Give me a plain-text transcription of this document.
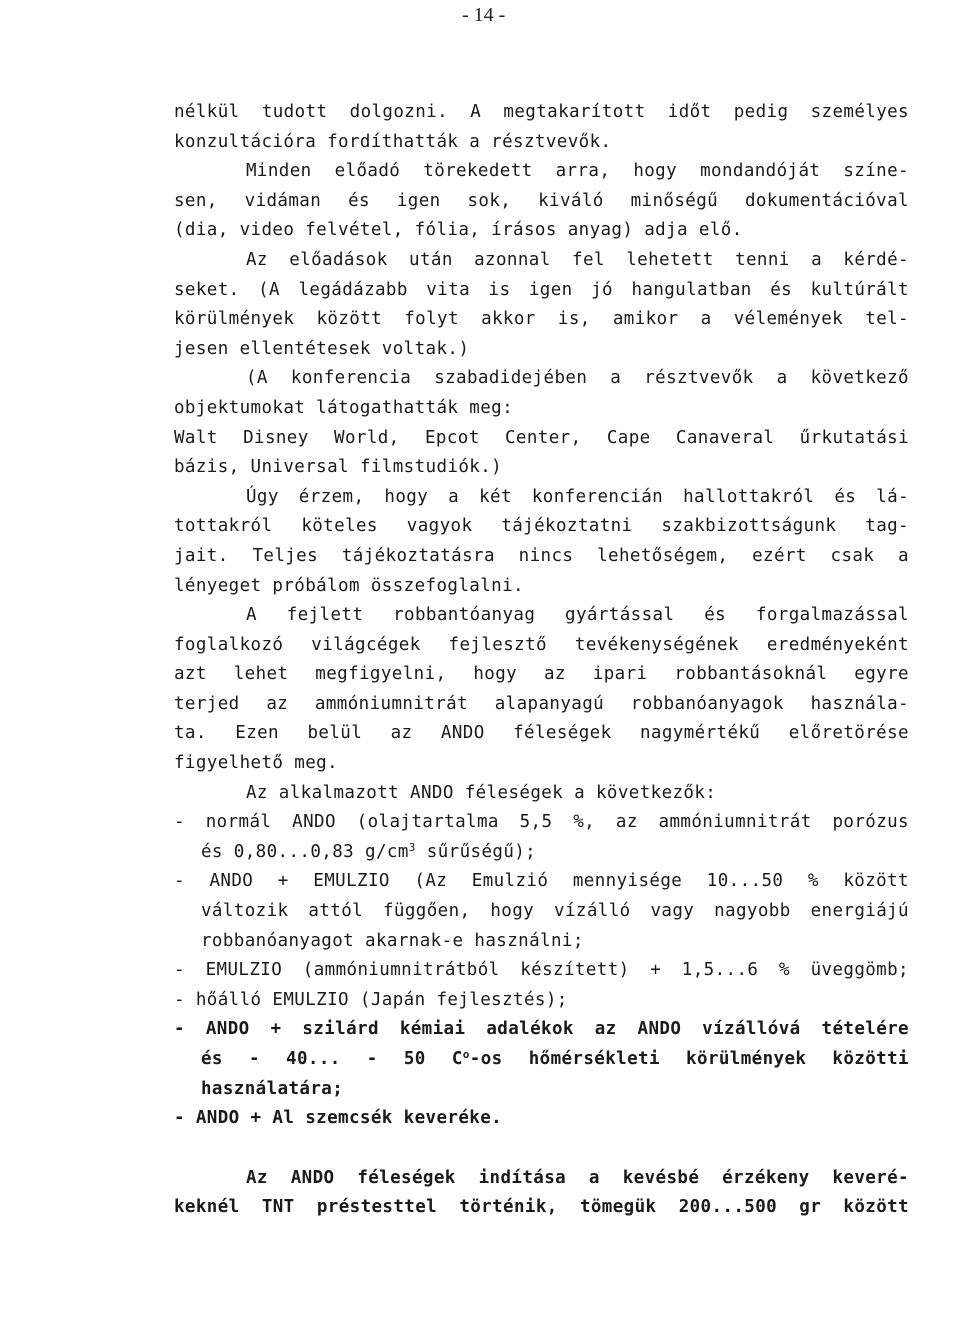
- 14 -
nélkül tudott dolgozni. A megtakarított időt pedig személyes
konzultációra fordíthatták a résztvevők.
Minden előadó törekedett arra, hogy mondandóját színe-
sen, vidáman és igen sok, kiváló minőségű dokumentációval
(dia, video felvétel, fólia, írásos anyag) adja elő.
Az előadások után azonnal fel lehetett tenni a kérdé-
seket. (A legádázabb vita is igen jó hangulatban és kultúrált
körülmények között folyt akkor is, amikor a vélemények tel-
jesen ellentétesek voltak.)
(A konferencia szabadidejében a résztvevők a következő
objektumokat látogathatták meg:
Walt Disney World, Epcot Center, Cape Canaveral űrkutatási
bázis, Universal filmstudiók.)
Úgy érzem, hogy a két konferencián hallottakról és lá-
tottakról köteles vagyok tájékoztatni szakbizottságunk tag-
jait. Teljes tájékoztatásra nincs lehetőségem, ezért csak a
lényeget próbálom összefoglalni.
A fejlett robbantóanyag gyártással és forgalmazással
foglalkozó világcégek fejlesztő tevékenységének eredményeként
azt lehet megfigyelni, hogy az ipari robbantásoknál egyre
terjed az ammóniumnitrát alapanyagú robbanóanyagok használa-
ta. Ezen belül az ANDO féleségek nagymértékű előretörése
figyelhető meg.
Az alkalmazott ANDO féleségek a következők:
- normál ANDO (olajtartalma 5,5 %, az ammóniumnitrát porózus
és 0,80...0,83 $g/cm^3$ sűrűségű);
- ANDO + EMULZIO (Az Emulzió mennyisége 10...50 % között
változik attól függően, hogy vízálló vagy nagyobb energiájú
robbanóanyagot akarnak-e használni;
- EMULZIO (ammóniumnitrátból készített) + 1,5...6 % üveggömb;
- hőálló EMULZIO (Japán fejlesztés);
- ANDO + szilárd kémiai adalékok az ANDO vízállóvá tételére
és - 40... - 50 $C^o-os$ hőmérsékleti körülmények közötti
használatára;
- ANDO + Al szemcsék keveréke.
Az ANDO féleségek indítása a kevésbé érzékeny keveré-
keknél TNT préstesttel történik, tömegük 200...500 gr között
